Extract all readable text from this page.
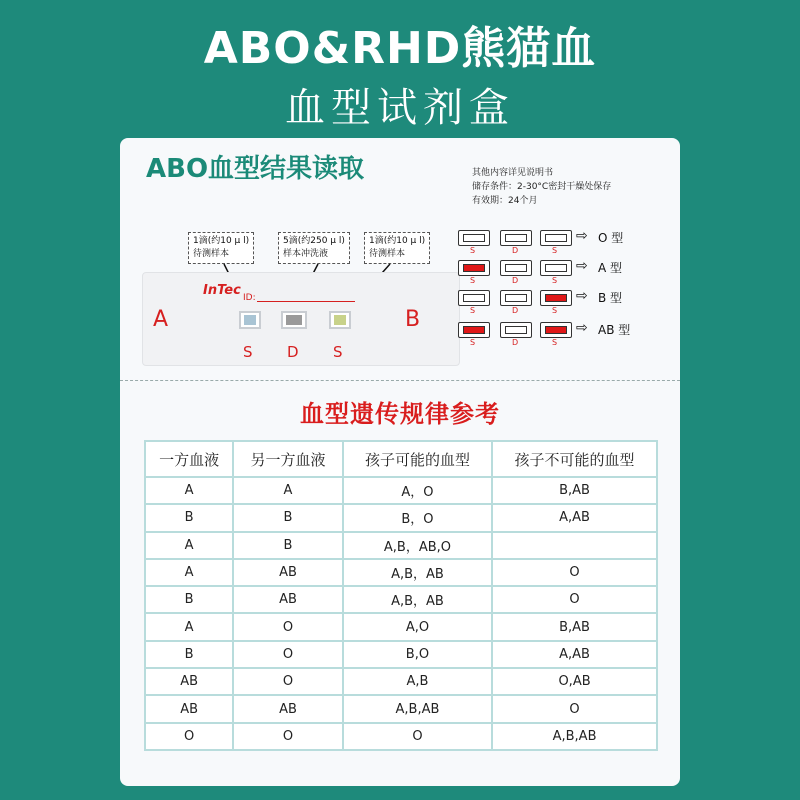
ABO&RHD熊猫血
血型试剂盒
ABO血型结果读取	其他内容详见说明书
储存条件：2-30°C密封干燥处保存
有效期：24个月
1滴(约10 μ l)
待测样本
5滴(约250 μ l)
样本冲洗液
1滴(约10 μ l)
待测样本
A
InTec ID:
S D S
B
S	D	S
⇨ O 型
S	D	S
⇨ A 型
S	D	S
⇨ B 型
S	D	S
⇨ AB 型
血型遗传规律参考
一方血液	另一方血液	孩子可能的血型	孩子不可能的血型
A	A	A，O	B,AB
B	B	B，O	A,AB
A	B	A,B，AB,O	
A	AB	A,B，AB	O
B	AB	A,B，AB	O
A	O	A,O	B,AB
B	O	B,O	A,AB
AB	O	A,B	O,AB
AB	AB	A,B,AB	O
O	O	O	A,B,AB
